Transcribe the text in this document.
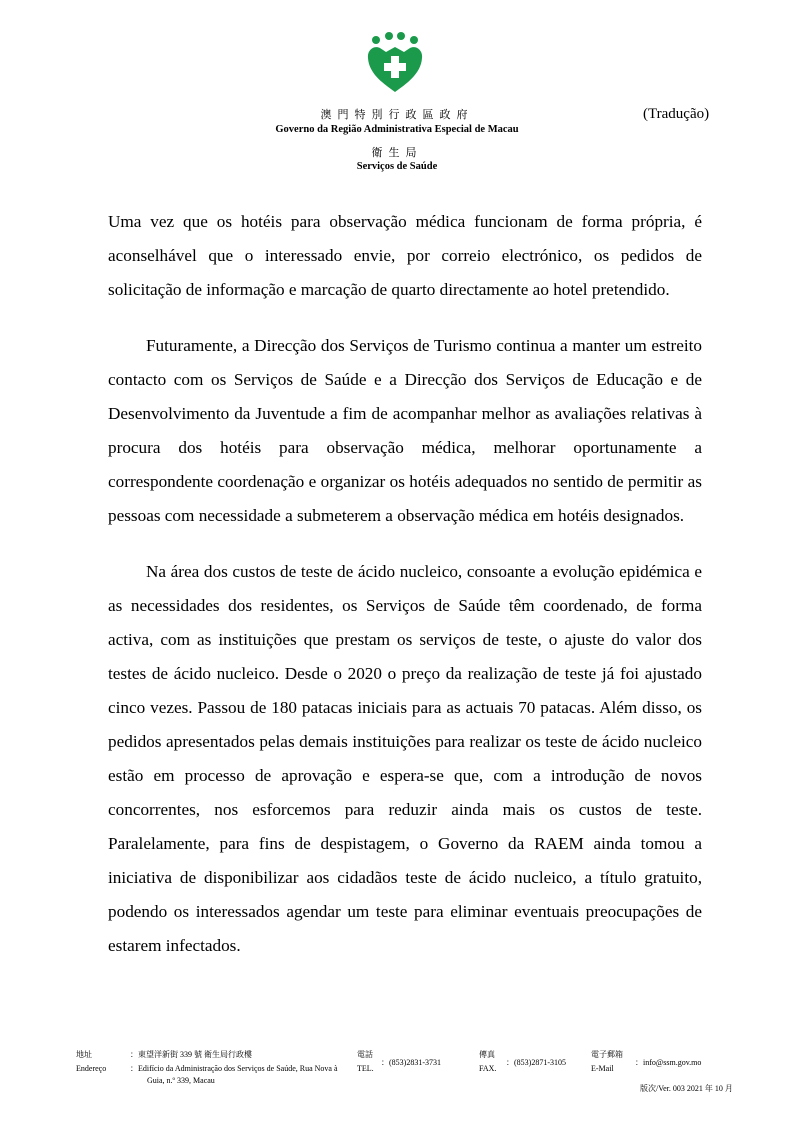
(Tradução)
澳門特別行政區政府
Governo da Região Administrativa Especial de Macau
衛生局
Serviços de Saúde

Uma vez que os hotéis para observação médica funcionam de forma própria, é aconselhável que o interessado envie, por correio electrónico, os pedidos de solicitação de informação e marcação de quarto directamente ao hotel pretendido.

Futuramente, a Direcção dos Serviços de Turismo continua a manter um estreito contacto com os Serviços de Saúde e a Direcção dos Serviços de Educação e de Desenvolvimento da Juventude a fim de acompanhar melhor as avaliações relativas à procura dos hotéis para observação médica, melhorar oportunamente a correspondente coordenação e organizar os hotéis adequados no sentido de permitir as pessoas com necessidade a submeterem a observação médica em hotéis designados.

Na área dos custos de teste de ácido nucleico, consoante a evolução epidémica e as necessidades dos residentes, os Serviços de Saúde têm coordenado, de forma activa, com as instituições que prestam os serviços de teste, o ajuste do valor dos testes de ácido nucleico. Desde o 2020 o preço da realização de teste já foi ajustado cinco vezes. Passou de 180 patacas iniciais para as actuais 70 patacas. Além disso, os pedidos apresentados pelas demais instituições para realizar os teste de ácido nucleico estão em processo de aprovação e espera-se que, com a introdução de novos concorrentes, nos esforcemos para reduzir ainda mais os custos de teste. Paralelamente, para fins de despistagem, o Governo da RAEM ainda tomou a iniciativa de disponibilizar aos cidadãos teste de ácido nucleico, a título gratuito, podendo os interessados agendar um teste para eliminar eventuais preocupações de estarem infectados.

地址
Endereço
：東望洋新街 339 號 衛生局行政樓
：Edifício da Administração dos Serviços de Saúde, Rua Nova à
Guia, n.º 339, Macau
電話
TEL.
：(853)2831-3731
傳真
FAX.
：(853)2871-3105
電子郵箱
E-Mail
：info@ssm.gov.mo
版次/Ver. 003 2021 年 10 月
